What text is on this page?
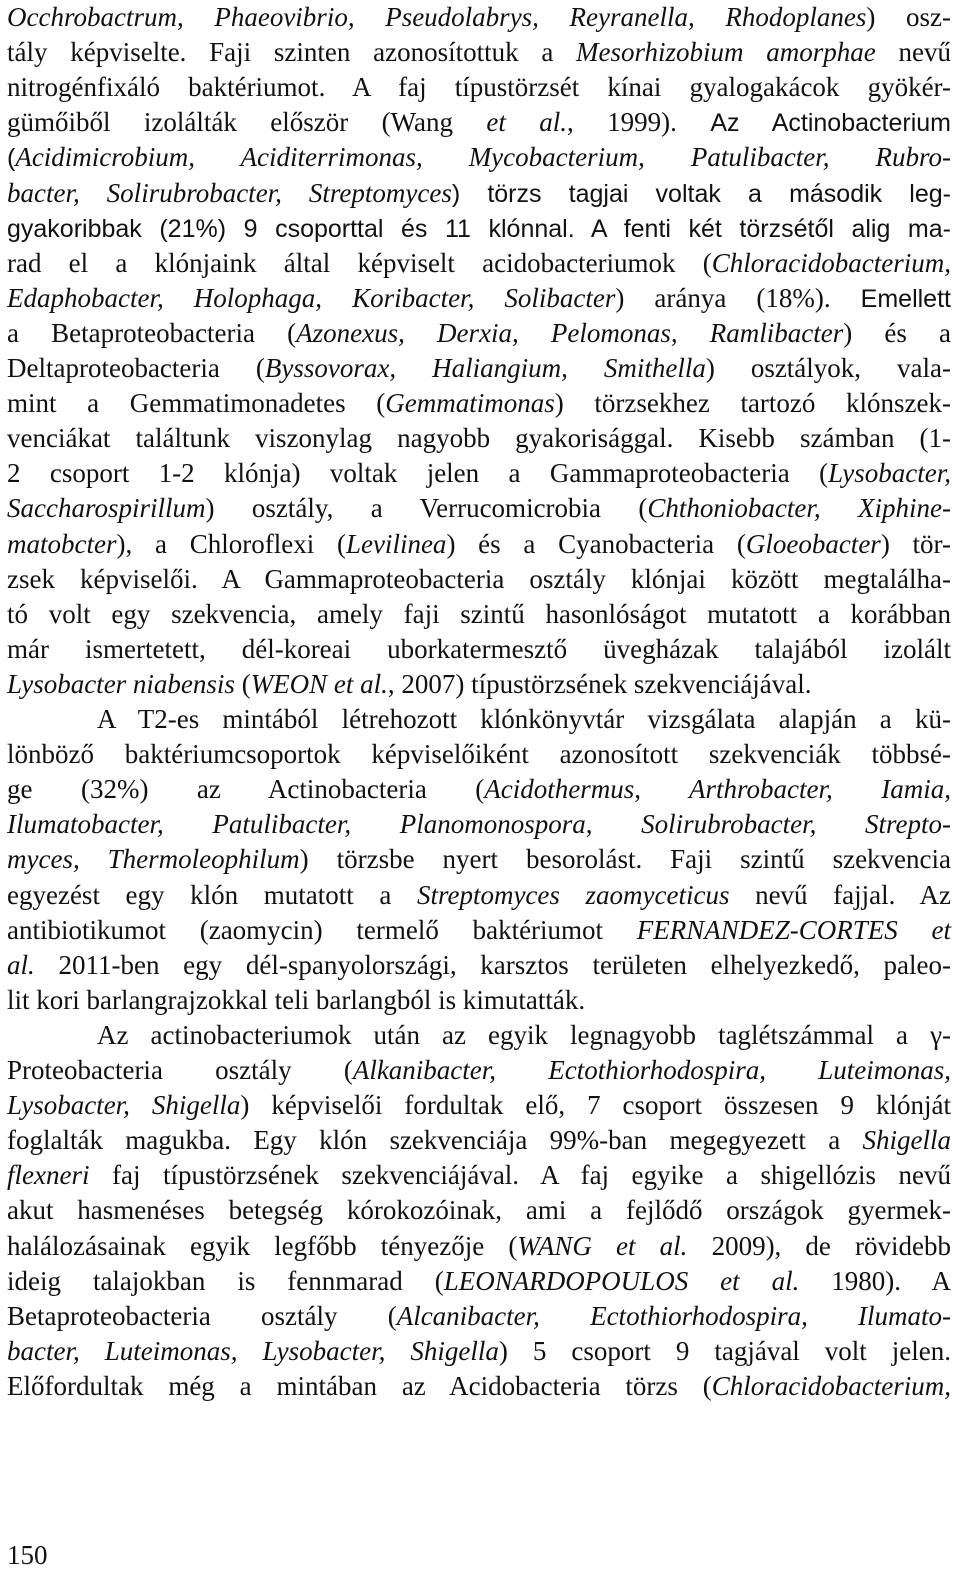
Occhrobactrum, Phaeovibrio, Pseudolabrys, Reyranella, Rhodoplanes) osz-
tály képviselte. Faji szinten azonosítottuk a Mesorhizobium amorphae nevű
nitrogénfixáló baktériumot. A faj típustörzsét kínai gyalogakácok gyökér-
gümőiből izolálták először (Wang et al., 1999). Az Actinobacterium
(Acidimicrobium, Aciditerrimonas, Mycobacterium, Patulibacter, Rubro-
bacter, Solirubrobacter, Streptomyces) törzs tagjai voltak a második leg-
gyakoribbak (21%) 9 csoporttal és 11 klónnal. A fenti két törzsétől alig ma-
rad el a klónjaink által képviselt acidobacteriumok (Chloracidobacterium,
Edaphobacter, Holophaga, Koribacter, Solibacter) aránya (18%). Emellett
a Betaproteobacteria (Azonexus, Derxia, Pelomonas, Ramlibacter) és a
Deltaproteobacteria (Byssovorax, Haliangium, Smithella) osztályok, vala-
mint a Gemmatimonadetes (Gemmatimonas) törzsekhez tartozó klónszek-
venciákat találtunk viszonylag nagyobb gyakorisággal. Kisebb számban (1-
2 csoport 1-2 klónja) voltak jelen a Gammaproteobacteria (Lysobacter,
Saccharospirillum) osztály, a Verrucomicrobia (Chthoniobacter, Xiphine-
matobcter), a Chloroflexi (Levilinea) és a Cyanobacteria (Gloeobacter) tör-
zsek képviselői. A Gammaproteobacteria osztály klónjai között megtalálha-
tó volt egy szekvencia, amely faji szintű hasonlóságot mutatott a korábban
már ismertetett, dél-koreai uborkatermesztő üvegházak talajából izolált
Lysobacter niabensis (WEON et al., 2007) típustörzsének szekvenciájával.
A T2-es mintából létrehozott klónkönyvtár vizsgálata alapján a kü-
lönböző baktériumcsoportok képviselőiként azonosított szekvenciák többsé-
ge (32%) az Actinobacteria (Acidothermus, Arthrobacter, Iamia,
Ilumatobacter, Patulibacter, Planomonospora, Solirubrobacter, Strepto-
myces, Thermoleophilum) törzsbe nyert besorolást. Faji szintű szekvencia
egyezést egy klón mutatott a Streptomyces zaomyceticus nevű fajjal. Az
antibiotikumot (zaomycin) termelő baktériumot FERNANDEZ-CORTES et
al. 2011-ben egy dél-spanyolországi, karsztos területen elhelyezkedő, paleo-
lit kori barlangrajzokkal teli barlangból is kimutatták.
Az actinobacteriumok után az egyik legnagyobb taglétszámmal a γ-
Proteobacteria osztály (Alkanibacter, Ectothiorhodospira, Luteimonas,
Lysobacter, Shigella) képviselői fordultak elő, 7 csoport összesen 9 klónját
foglalták magukba. Egy klón szekvenciája 99%-ban megegyezett a Shigella
flexneri faj típustörzsének szekvenciájával. A faj egyike a shigellózis nevű
akut hasmenéses betegség kórokozóinak, ami a fejlődő országok gyermek-
halálozásainak egyik legfőbb tényezője (WANG et al. 2009), de rövidebb
ideig talajokban is fennmarad (LEONARDOPOULOS et al. 1980). A
Betaproteobacteria osztály (Alcanibacter, Ectothiorhodospira, Ilumato-
bacter, Luteimonas, Lysobacter, Shigella) 5 csoport 9 tagjával volt jelen.
Előfordultak még a mintában az Acidobacteria törzs (Chloracidobacterium,
150
